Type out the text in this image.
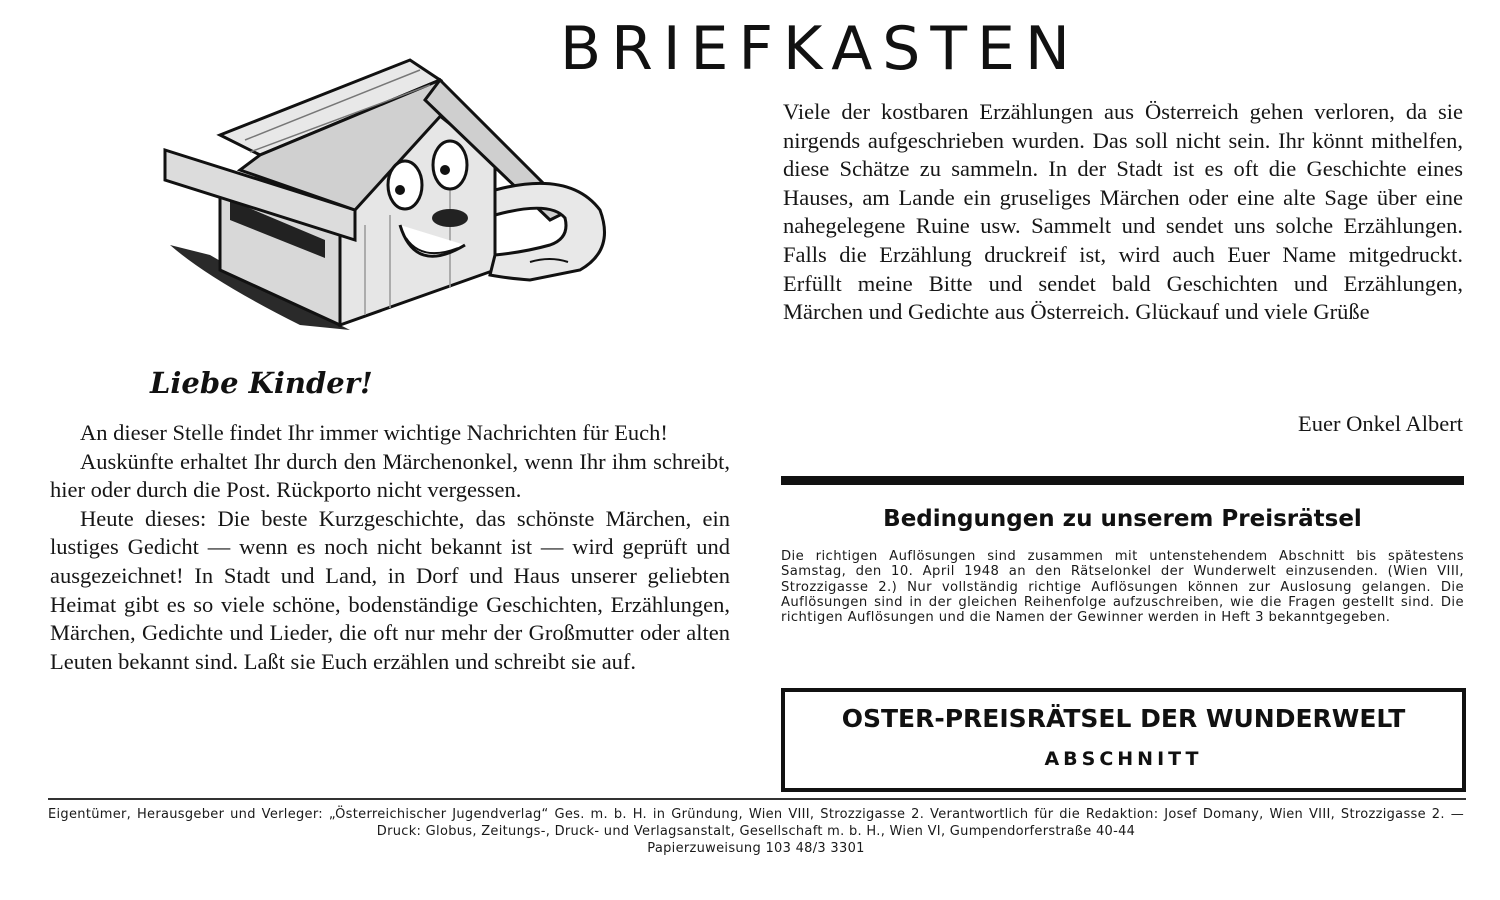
BRIEFKASTEN
Liebe Kinder!

An dieser Stelle findet Ihr immer wichtige Nachrichten für Euch!

Auskünfte erhaltet Ihr durch den Märchenonkel, wenn Ihr ihm schreibt, hier oder durch die Post. Rückporto nicht vergessen.

Heute dieses: Die beste Kurzgeschichte, das schönste Märchen, ein lustiges Gedicht — wenn es noch nicht bekannt ist — wird geprüft und ausgezeichnet! In Stadt und Land, in Dorf und Haus unserer geliebten Heimat gibt es so viele schöne, bodenständige Geschichten, Erzählungen, Märchen, Gedichte und Lieder, die oft nur mehr der Großmutter oder alten Leuten bekannt sind. Laßt sie Euch erzählen und schreibt sie auf.

Viele der kostbaren Erzählungen aus Österreich gehen verloren, da sie nirgends aufgeschrieben wurden. Das soll nicht sein. Ihr könnt mithelfen, diese Schätze zu sammeln. In der Stadt ist es oft die Geschichte eines Hauses, am Lande ein gruseliges Märchen oder eine alte Sage über eine nahegelegene Ruine usw. Sammelt und sendet uns solche Erzählungen. Falls die Erzählung druckreif ist, wird auch Euer Name mitgedruckt. Erfüllt meine Bitte und sendet bald Geschichten und Erzählungen, Märchen und Gedichte aus Österreich. Glückauf und viele Grüße

Euer Onkel Albert
Bedingungen zu unserem Preisrätsel
Die richtigen Auflösungen sind zusammen mit untenstehendem Abschnitt bis spätestens Samstag, den 10. April 1948 an den Rätselonkel der Wunderwelt einzusenden. (Wien VIII, Strozzigasse 2.) Nur vollständig richtige Auflösungen können zur Auslosung gelangen. Die Auflösungen sind in der gleichen Reihenfolge aufzuschreiben, wie die Fragen gestellt sind. Die richtigen Auflösungen und die Namen der Gewinner werden in Heft 3 bekanntgegeben.
OSTER-PREISRÄTSEL DER WUNDERWELT
ABSCHNITT
Eigentümer, Herausgeber und Verleger: „Österreichischer Jugendverlag“ Ges. m. b. H. in Gründung, Wien VIII, Strozzigasse 2. Verantwortlich für die Redaktion: Josef Domany, Wien VIII, Strozzigasse 2. — Druck: Globus, Zeitungs-, Druck- und Verlagsanstalt, Gesellschaft m. b. H., Wien VI, Gumpendorferstraße 40-44
Papierzuweisung 103 48/3 3301
